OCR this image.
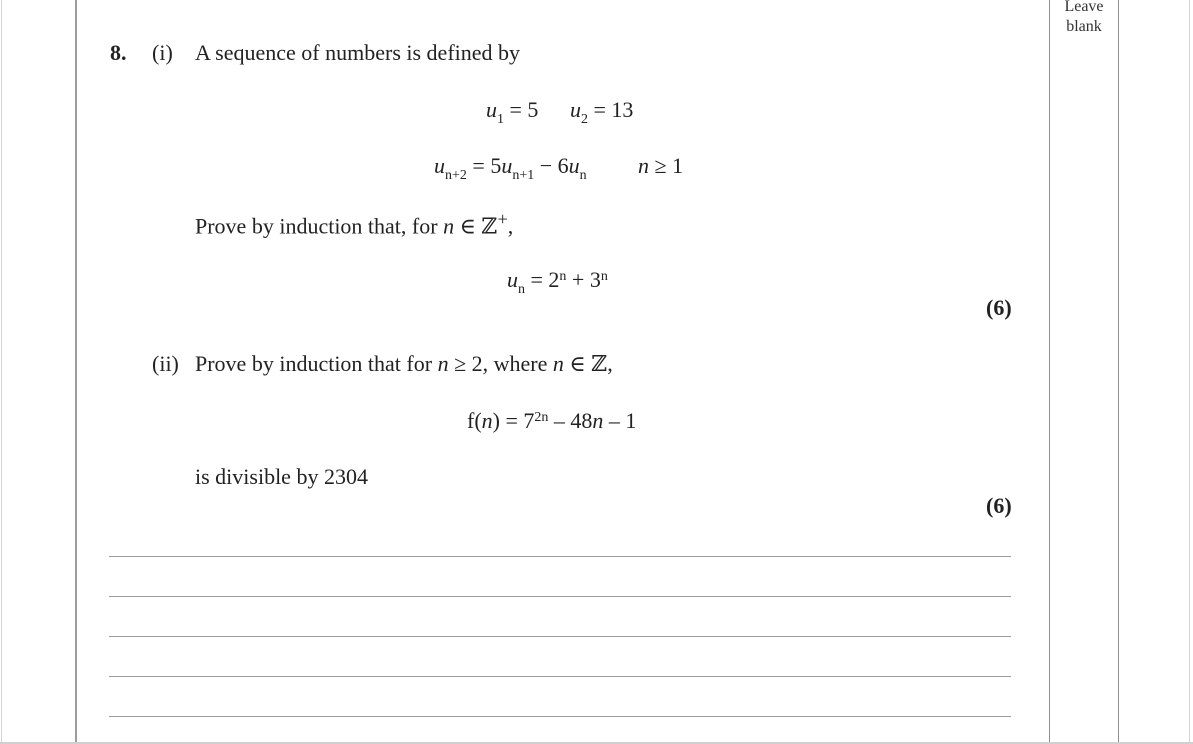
Leave
blank
8. (i) A sequence of numbers is defined by
$u_1 = 5$ $u_2 = 13$
$u_{n+2} = 5u_{n+1} - 6u_n$ n ≥ 1
Prove by induction that, for n ∈ ℤ+,
$u_n = 2^n + 3^n$
(6)
(ii) Prove by induction that for n ≥ 2, where n ∈ ℤ,
$f(n) = 7^{2n} - 48n - 1$
is divisible by 2304
(6)
